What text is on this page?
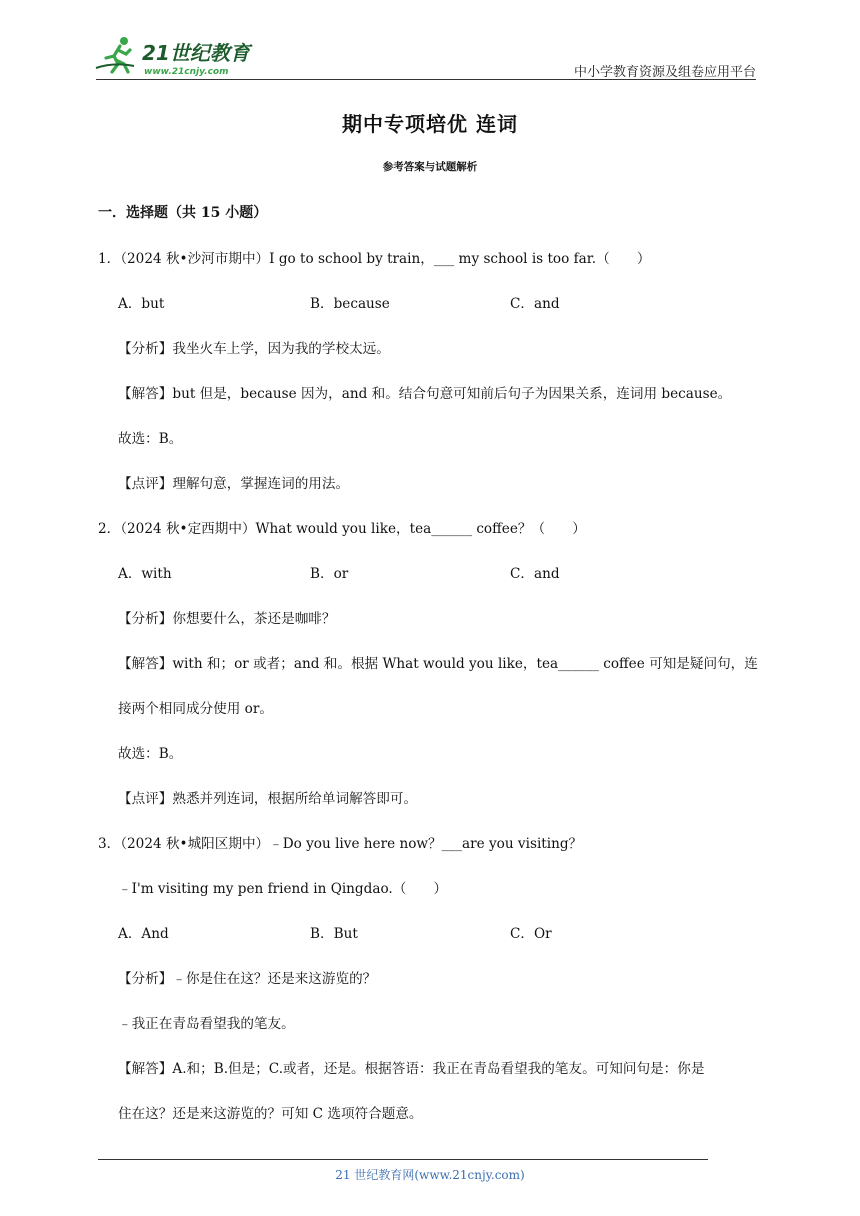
21世纪教育
www.21cnjy.com	中小学教育资源及组卷应用平台
期中专项培优 连词
参考答案与试题解析
一．选择题（共 15 小题）
1．（2024 秋•沙河市期中）I go to school by train，___ my school is too far.（　　）
A．but	B．because	C．and
【分析】我坐火车上学，因为我的学校太远。
【解答】but 但是，because 因为，and 和。结合句意可知前后句子为因果关系，连词用 because。
故选：B。
【点评】理解句意，掌握连词的用法。
2．（2024 秋•定西期中）What would you like，tea______ coffee？（　　）
A．with	B．or	C．and
【分析】你想要什么，茶还是咖啡？
【解答】with 和；or 或者；and 和。根据 What would you like，tea______ coffee 可知是疑问句，连
接两个相同成分使用 or。
故选：B。
【点评】熟悉并列连词，根据所给单词解答即可。
3．（2024 秋•城阳区期中）﹣Do you live here now？___are you visiting？
﹣I'm visiting my pen friend in Qingdao.（　　）
A．And	B．But	C．Or
【分析】﹣你是住在这？还是来这游览的？
﹣我正在青岛看望我的笔友。
【解答】A.和；B.但是；C.或者，还是。根据答语：我正在青岛看望我的笔友。可知问句是：你是
住在这？还是来这游览的？可知 C 选项符合题意。
21 世纪教育网(www.21cnjy.com)
